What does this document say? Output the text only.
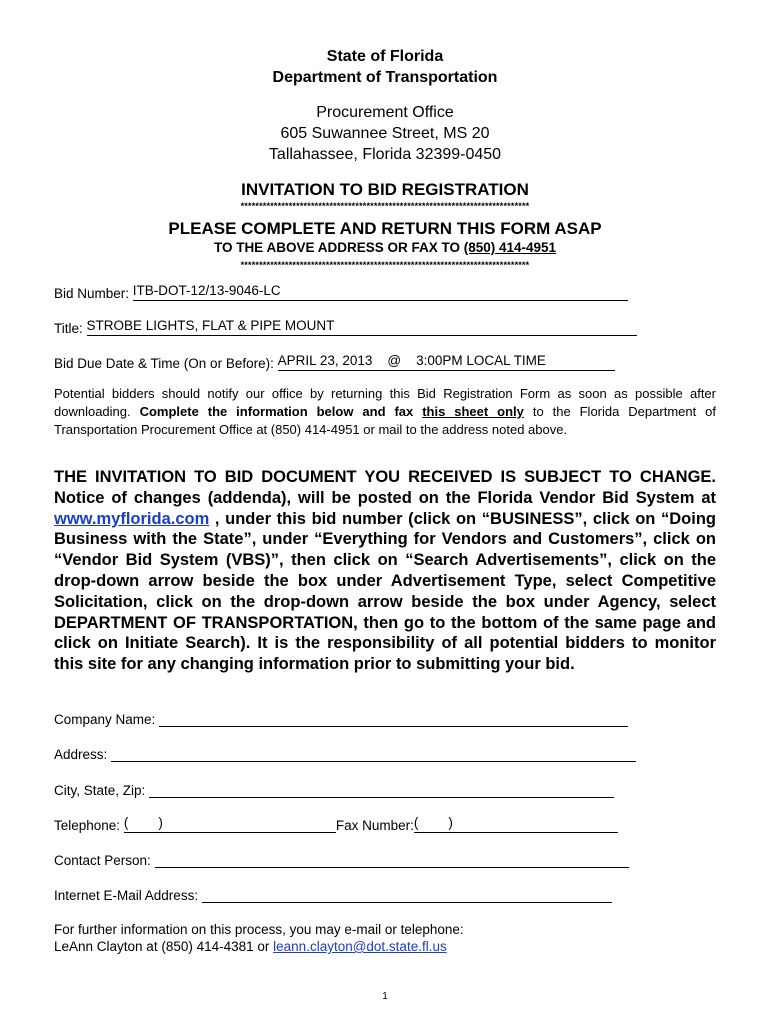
State of Florida
Department of Transportation
Procurement Office
605 Suwannee Street, MS 20
Tallahassee, Florida 32399-0450
INVITATION TO BID REGISTRATION
******************************************************************************
PLEASE COMPLETE AND RETURN THIS FORM ASAP
TO THE ABOVE ADDRESS OR FAX TO (850) 414-4951
******************************************************************************
Bid Number: ITB-DOT-12/13-9046-LC
Title: STROBE LIGHTS, FLAT & PIPE MOUNT
Bid Due Date & Time (On or Before): APRIL 23, 2013    @    3:00PM LOCAL TIME
Potential bidders should notify our office by returning this Bid Registration Form as soon as possible after downloading. Complete the information below and fax this sheet only to the Florida Department of Transportation Procurement Office at (850) 414-4951 or mail to the address noted above.
THE INVITATION TO BID DOCUMENT YOU RECEIVED IS SUBJECT TO CHANGE. Notice of changes (addenda), will be posted on the Florida Vendor Bid System at www.myflorida.com , under this bid number (click on “BUSINESS”, click on “Doing Business with the State”, under “Everything for Vendors and Customers”, click on “Vendor Bid System (VBS)”, then click on “Search Advertisements”, click on the drop-down arrow beside the box under Advertisement Type, select Competitive Solicitation, click on the drop-down arrow beside the box under Agency, select DEPARTMENT OF TRANSPORTATION, then go to the bottom of the same page and click on Initiate Search). It is the responsibility of all potential bidders to monitor this site for any changing information prior to submitting your bid.
Company Name:
Address:
City, State, Zip:
Telephone: (        )	Fax Number:(        )
Contact Person:
Internet E-Mail Address:
For further information on this process, you may e-mail or telephone:
LeAnn Clayton at (850) 414-4381 or leann.clayton@dot.state.fl.us
1
